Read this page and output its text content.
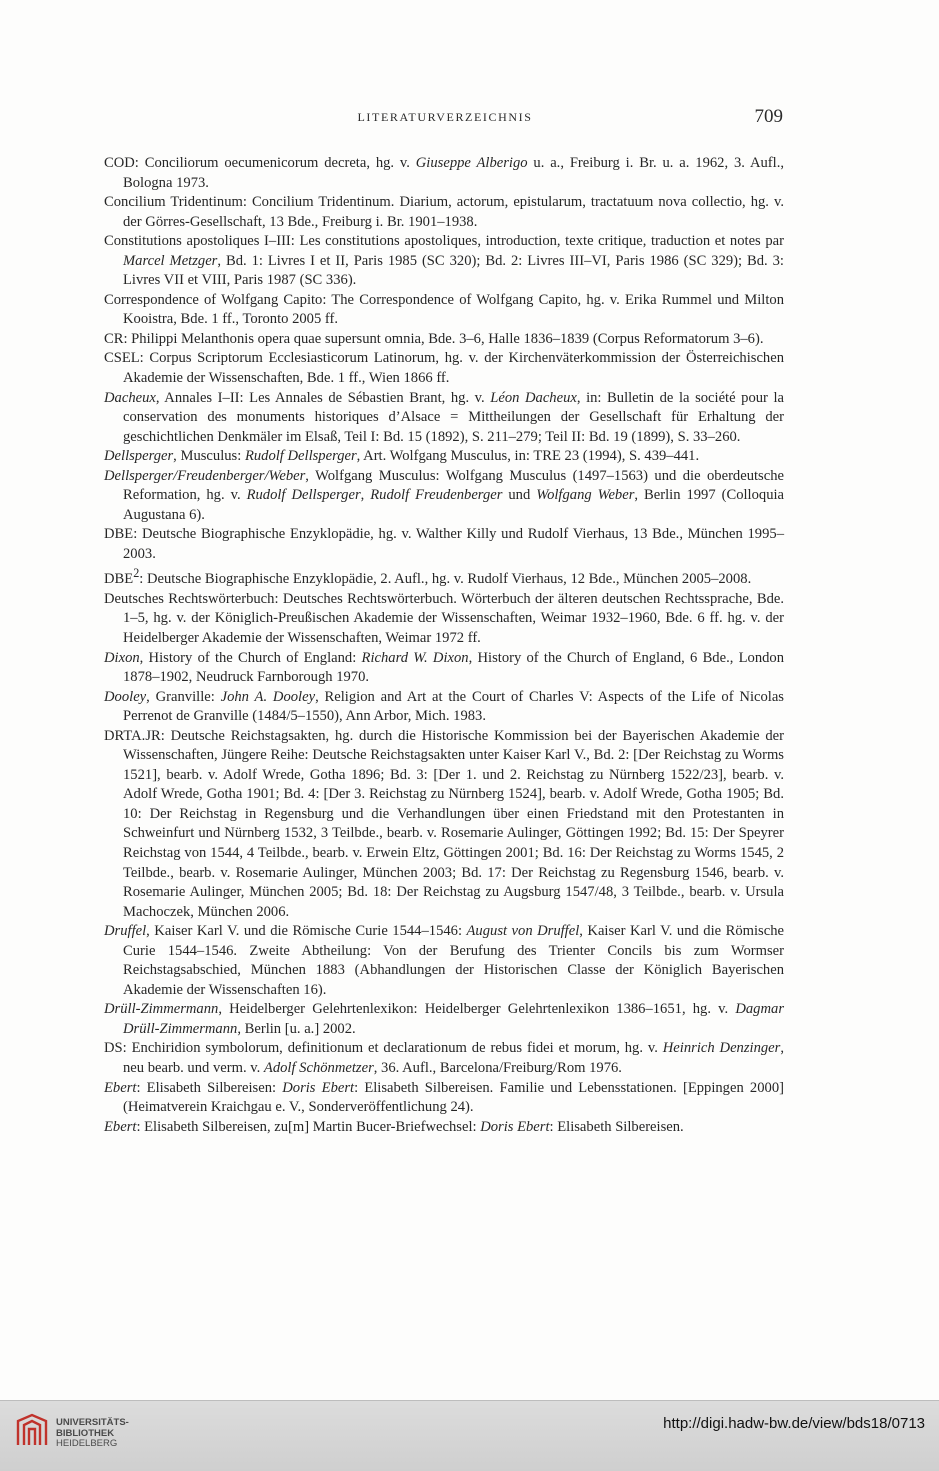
LITERATURVERZEICHNIS	709

COD: Conciliorum oecumenicorum decreta, hg. v. Giuseppe Alberigo u. a., Freiburg i. Br. u. a. 1962, 3. Aufl., Bologna 1973.

Concilium Tridentinum: Concilium Tridentinum. Diarium, actorum, epistularum, tractatuum nova collectio, hg. v. der Görres-Gesellschaft, 13 Bde., Freiburg i. Br. 1901–1938.

Constitutions apostoliques I–III: Les constitutions apostoliques, introduction, texte critique, traduction et notes par Marcel Metzger, Bd. 1: Livres I et II, Paris 1985 (SC 320); Bd. 2: Livres III–VI, Paris 1986 (SC 329); Bd. 3: Livres VII et VIII, Paris 1987 (SC 336).

Correspondence of Wolfgang Capito: The Correspondence of Wolfgang Capito, hg. v. Erika Rummel und Milton Kooistra, Bde. 1 ff., Toronto 2005 ff.

CR: Philippi Melanthonis opera quae supersunt omnia, Bde. 3–6, Halle 1836–1839 (Corpus Reformatorum 3–6).

CSEL: Corpus Scriptorum Ecclesiasticorum Latinorum, hg. v. der Kirchenväterkommission der Österreichischen Akademie der Wissenschaften, Bde. 1 ff., Wien 1866 ff.

Dacheux, Annales I–II: Les Annales de Sébastien Brant, hg. v. Léon Dacheux, in: Bulletin de la société pour la conservation des monuments historiques d’Alsace = Mittheilungen der Gesellschaft für Erhaltung der geschichtlichen Denkmäler im Elsaß, Teil I: Bd. 15 (1892), S. 211–279; Teil II: Bd. 19 (1899), S. 33–260.

Dellsperger, Musculus: Rudolf Dellsperger, Art. Wolfgang Musculus, in: TRE 23 (1994), S. 439–441.

Dellsperger/Freudenberger/Weber, Wolfgang Musculus: Wolfgang Musculus (1497–1563) und die oberdeutsche Reformation, hg. v. Rudolf Dellsperger, Rudolf Freudenberger und Wolfgang Weber, Berlin 1997 (Colloquia Augustana 6).

DBE: Deutsche Biographische Enzyklopädie, hg. v. Walther Killy und Rudolf Vierhaus, 13 Bde., München 1995–2003.

DBE$^2$: Deutsche Biographische Enzyklopädie, 2. Aufl., hg. v. Rudolf Vierhaus, 12 Bde., München 2005–2008.

Deutsches Rechtswörterbuch: Deutsches Rechtswörterbuch. Wörterbuch der älteren deutschen Rechtssprache, Bde. 1–5, hg. v. der Königlich-Preußischen Akademie der Wissenschaften, Weimar 1932–1960, Bde. 6 ff. hg. v. der Heidelberger Akademie der Wissenschaften, Weimar 1972 ff.

Dixon, History of the Church of England: Richard W. Dixon, History of the Church of England, 6 Bde., London 1878–1902, Neudruck Farnborough 1970.

Dooley, Granville: John A. Dooley, Religion and Art at the Court of Charles V: Aspects of the Life of Nicolas Perrenot de Granville (1484/5–1550), Ann Arbor, Mich. 1983.

DRTA.JR: Deutsche Reichstagsakten, hg. durch die Historische Kommission bei der Bayerischen Akademie der Wissenschaften, Jüngere Reihe: Deutsche Reichstagsakten unter Kaiser Karl V., Bd. 2: [Der Reichstag zu Worms 1521], bearb. v. Adolf Wrede, Gotha 1896; Bd. 3: [Der 1. und 2. Reichstag zu Nürnberg 1522/23], bearb. v. Adolf Wrede, Gotha 1901; Bd. 4: [Der 3. Reichstag zu Nürnberg 1524], bearb. v. Adolf Wrede, Gotha 1905; Bd. 10: Der Reichstag in Regensburg und die Verhandlungen über einen Friedstand mit den Protestanten in Schweinfurt und Nürnberg 1532, 3 Teilbde., bearb. v. Rosemarie Aulinger, Göttingen 1992; Bd. 15: Der Speyrer Reichstag von 1544, 4 Teilbde., bearb. v. Erwein Eltz, Göttingen 2001; Bd. 16: Der Reichstag zu Worms 1545, 2 Teilbde., bearb. v. Rosemarie Aulinger, München 2003; Bd. 17: Der Reichstag zu Regensburg 1546, bearb. v. Rosemarie Aulinger, München 2005; Bd. 18: Der Reichstag zu Augsburg 1547/48, 3 Teilbde., bearb. v. Ursula Machoczek, München 2006.

Druffel, Kaiser Karl V. und die Römische Curie 1544–1546: August von Druffel, Kaiser Karl V. und die Römische Curie 1544–1546. Zweite Abtheilung: Von der Berufung des Trienter Concils bis zum Wormser Reichstagsabschied, München 1883 (Abhandlungen der Historischen Classe der Königlich Bayerischen Akademie der Wissenschaften 16).

Drüll-Zimmermann, Heidelberger Gelehrtenlexikon: Heidelberger Gelehrtenlexikon 1386–1651, hg. v. Dagmar Drüll-Zimmermann, Berlin [u. a.] 2002.

DS: Enchiridion symbolorum, definitionum et declarationum de rebus fidei et morum, hg. v. Heinrich Denzinger, neu bearb. und verm. v. Adolf Schönmetzer, 36. Aufl., Barcelona/Freiburg/Rom 1976.

Ebert: Elisabeth Silbereisen: Doris Ebert: Elisabeth Silbereisen. Familie und Lebensstationen. [Eppingen 2000] (Heimatverein Kraichgau e. V., Sonderveröffentlichung 24).

Ebert: Elisabeth Silbereisen, zu[m] Martin Bucer-Briefwechsel: Doris Ebert: Elisabeth Silbereisen.

UNIVERSITÄTS-
BIBLIOTHEK
HEIDELBERG
http://digi.hadw-bw.de/view/bds18/0713
